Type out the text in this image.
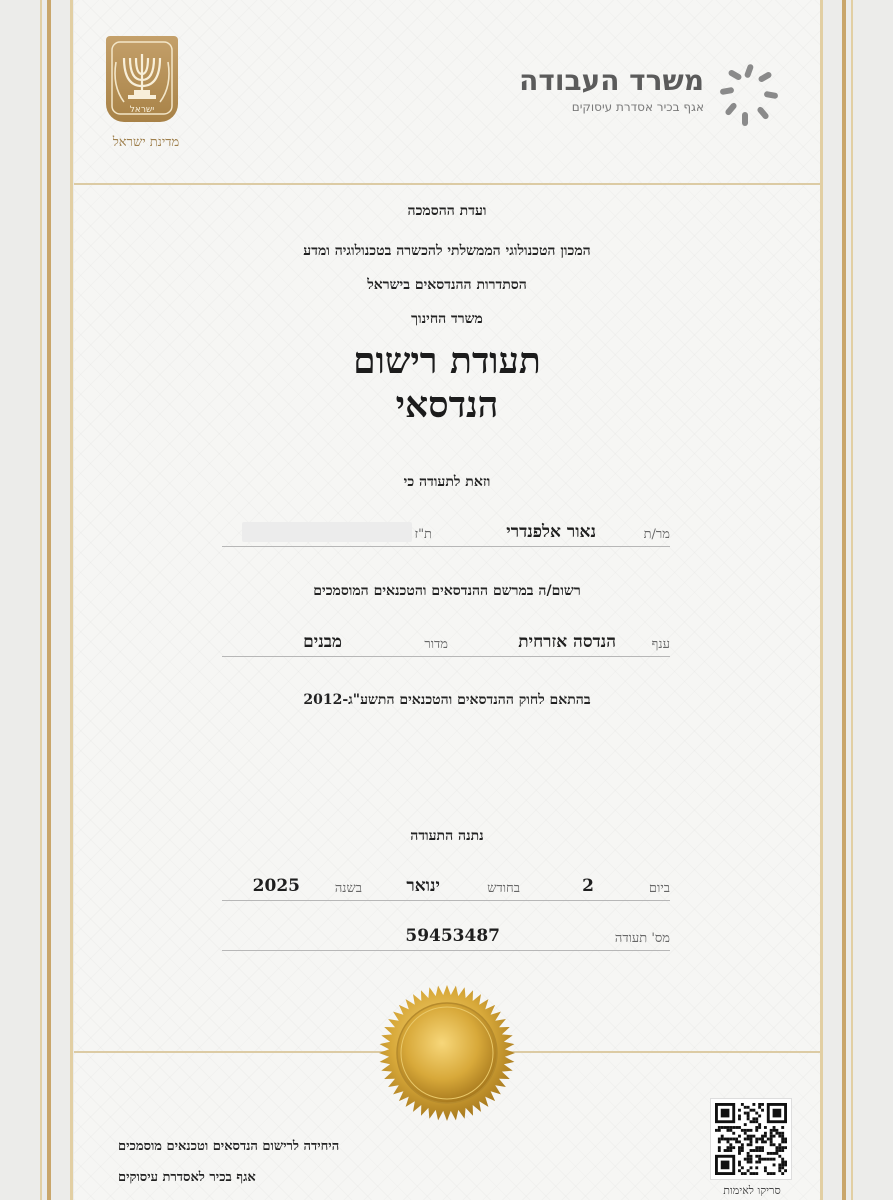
ישראל
מדינת ישראל
משרד העבודה
אגף בכיר אסדרת עיסוקים
ועדת ההסמכה
המכון הטכנולוגי הממשלתי להכשרה בטכנולוגיה ומדע
הסתדרות ההנדסאים בישראל
משרד החינוך
תעודת רישום
הנדסאי
וזאת לתעודה כי
מר/ת
נאור אלפנדרי
ת"ז
רשום/ה במרשם ההנדסאים והטכנאים המוסמכים
ענף
הנדסה אזרחית
מדור
מבנים
בהתאם לחוק ההנדסאים והטכנאים התשע"ג-2012
נתנה התעודה
ביום
2
בחודש
ינואר
בשנה
2025
מס' תעודה
59453487
היחידה לרישום הנדסאים וטכנאים מוסמכים
אגף בכיר לאסדרת עיסוקים
סריקו לאימות
